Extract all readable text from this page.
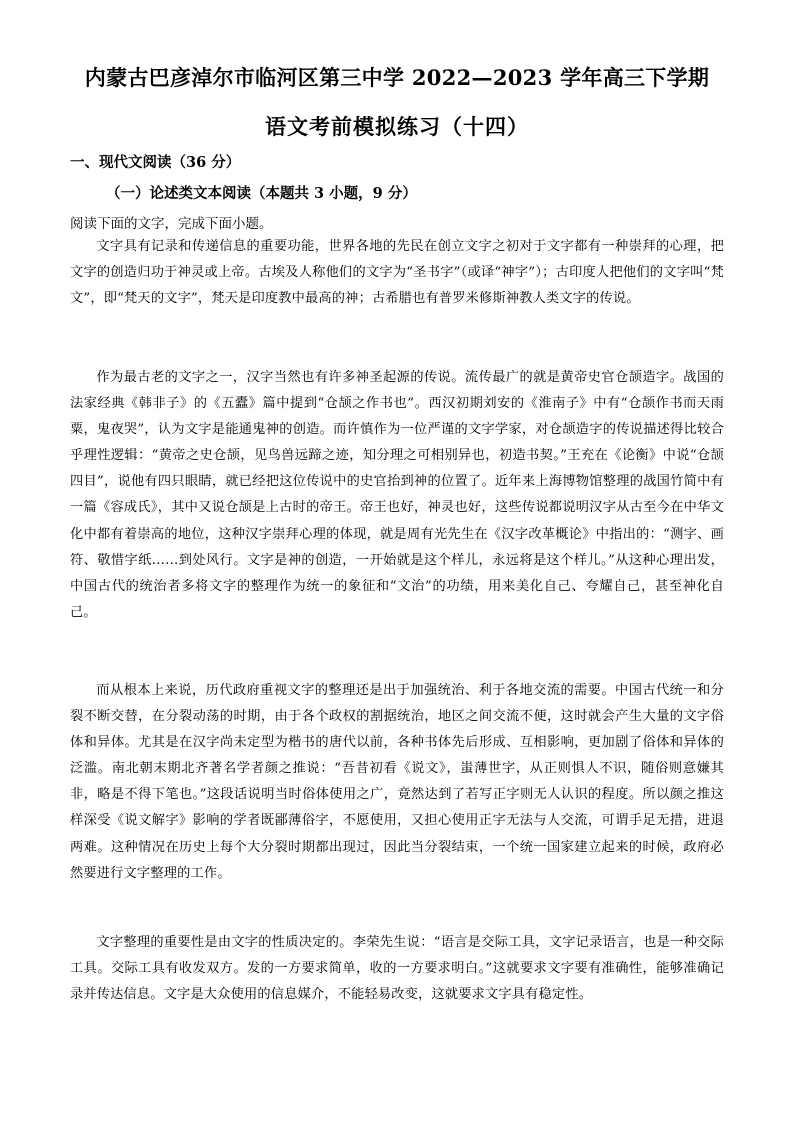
内蒙古巴彦淖尔市临河区第三中学 2022—2023 学年高三下学期
语文考前模拟练习（十四）
一、现代文阅读（36 分）
（一）论述类文本阅读（本题共 3 小题，9 分）
阅读下面的文字，完成下面小题。

文字具有记录和传递信息的重要功能，世界各地的先民在创立文字之初对于文字都有一种崇拜的心理，把文字的创造归功于神灵或上帝。古埃及人称他们的文字为“圣书字”（或译“神字”）；古印度人把他们的文字叫“梵文”，即“梵天的文字”，梵天是印度教中最高的神；古希腊也有普罗米修斯神教人类文字的传说。

作为最古老的文字之一，汉字当然也有许多神圣起源的传说。流传最广的就是黄帝史官仓颉造字。战国的法家经典《韩非子》的《五蠹》篇中提到“仓颉之作书也”。西汉初期刘安的《淮南子》中有“仓颉作书而天雨粟，鬼夜哭”，认为文字是能通鬼神的创造。而许慎作为一位严谨的文字学家，对仓颉造字的传说描述得比较合乎理性逻辑：“黄帝之史仓颉，见鸟兽远蹄之迹，知分理之可相别异也，初造书契。”王充在《论衡》中说“仓颉四目”，说他有四只眼睛，就已经把这位传说中的史官抬到神的位置了。近年来上海博物馆整理的战国竹简中有一篇《容成氏》，其中又说仓颉是上古时的帝王。帝王也好，神灵也好，这些传说都说明汉字从古至今在中华文化中都有着崇高的地位，这种汉字崇拜心理的体现，就是周有光先生在《汉字改革概论》中指出的：“测字、画符、敬惜字纸……到处风行。文字是神的创造，一开始就是这个样儿，永远将是这个样儿。”从这种心理出发，中国古代的统治者多将文字的整理作为统一的象征和“文治”的功绩，用来美化自己、夸耀自己，甚至神化自己。

而从根本上来说，历代政府重视文字的整理还是出于加强统治、利于各地交流的需要。中国古代统一和分裂不断交替，在分裂动荡的时期，由于各个政权的割据统治，地区之间交流不便，这时就会产生大量的文字俗体和异体。尤其是在汉字尚未定型为楷书的唐代以前，各种书体先后形成、互相影响，更加剧了俗体和异体的泛滥。南北朝末期北齐著名学者颜之推说：“吾昔初看《说文》，蚩薄世字，从正则惧人不识，随俗则意嫌其非，略是不得下笔也。”这段话说明当时俗体使用之广，竟然达到了若写正字则无人认识的程度。所以颜之推这样深受《说文解字》影响的学者既鄙薄俗字，不愿使用，又担心使用正字无法与人交流，可谓手足无措，进退两难。这种情况在历史上每个大分裂时期都出现过，因此当分裂结束，一个统一国家建立起来的时候，政府必然要进行文字整理的工作。

文字整理的重要性是由文字的性质决定的。李荣先生说：“语言是交际工具，文字记录语言，也是一种交际工具。交际工具有收发双方。发的一方要求简单，收的一方要求明白。”这就要求文字要有准确性，能够准确记录并传达信息。文字是大众使用的信息媒介，不能轻易改变，这就要求文字具有稳定性。
